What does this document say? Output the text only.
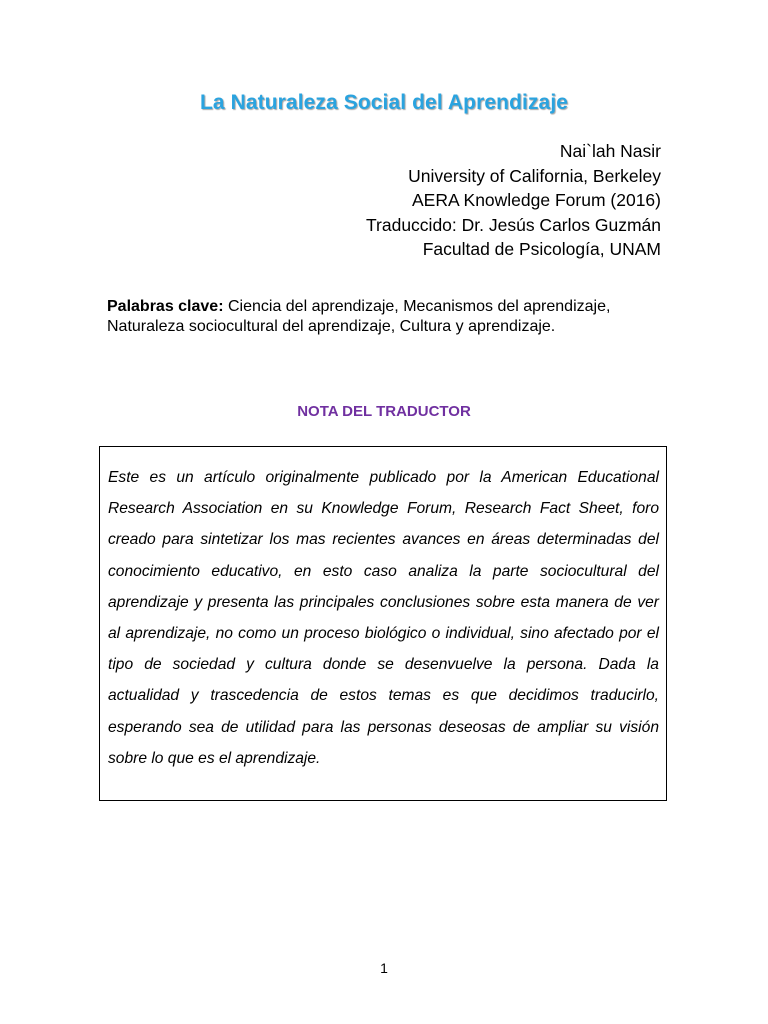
La Naturaleza Social del Aprendizaje
Nai`lah Nasir
University of California, Berkeley
AERA Knowledge Forum (2016)
Traduccido: Dr. Jesús Carlos Guzmán
Facultad de Psicología, UNAM
Palabras clave: Ciencia del aprendizaje, Mecanismos del aprendizaje,
Naturaleza sociocultural del aprendizaje, Cultura y aprendizaje.
NOTA DEL TRADUCTOR
Este es un artículo originalmente publicado por la American Educational Research Association en su Knowledge Forum, Research Fact Sheet, foro creado para sintetizar los mas recientes avances en áreas determinadas del conocimiento educativo, en esto caso analiza la parte sociocultural del aprendizaje y presenta las principales conclusiones sobre esta manera de ver al aprendizaje, no como un proceso biológico o individual, sino afectado por el tipo de sociedad y cultura donde se desenvuelve la persona. Dada la actualidad y trascedencia de estos temas es que decidimos traducirlo, esperando sea de utilidad para las personas deseosas de ampliar su visión sobre lo que es el aprendizaje.
1
